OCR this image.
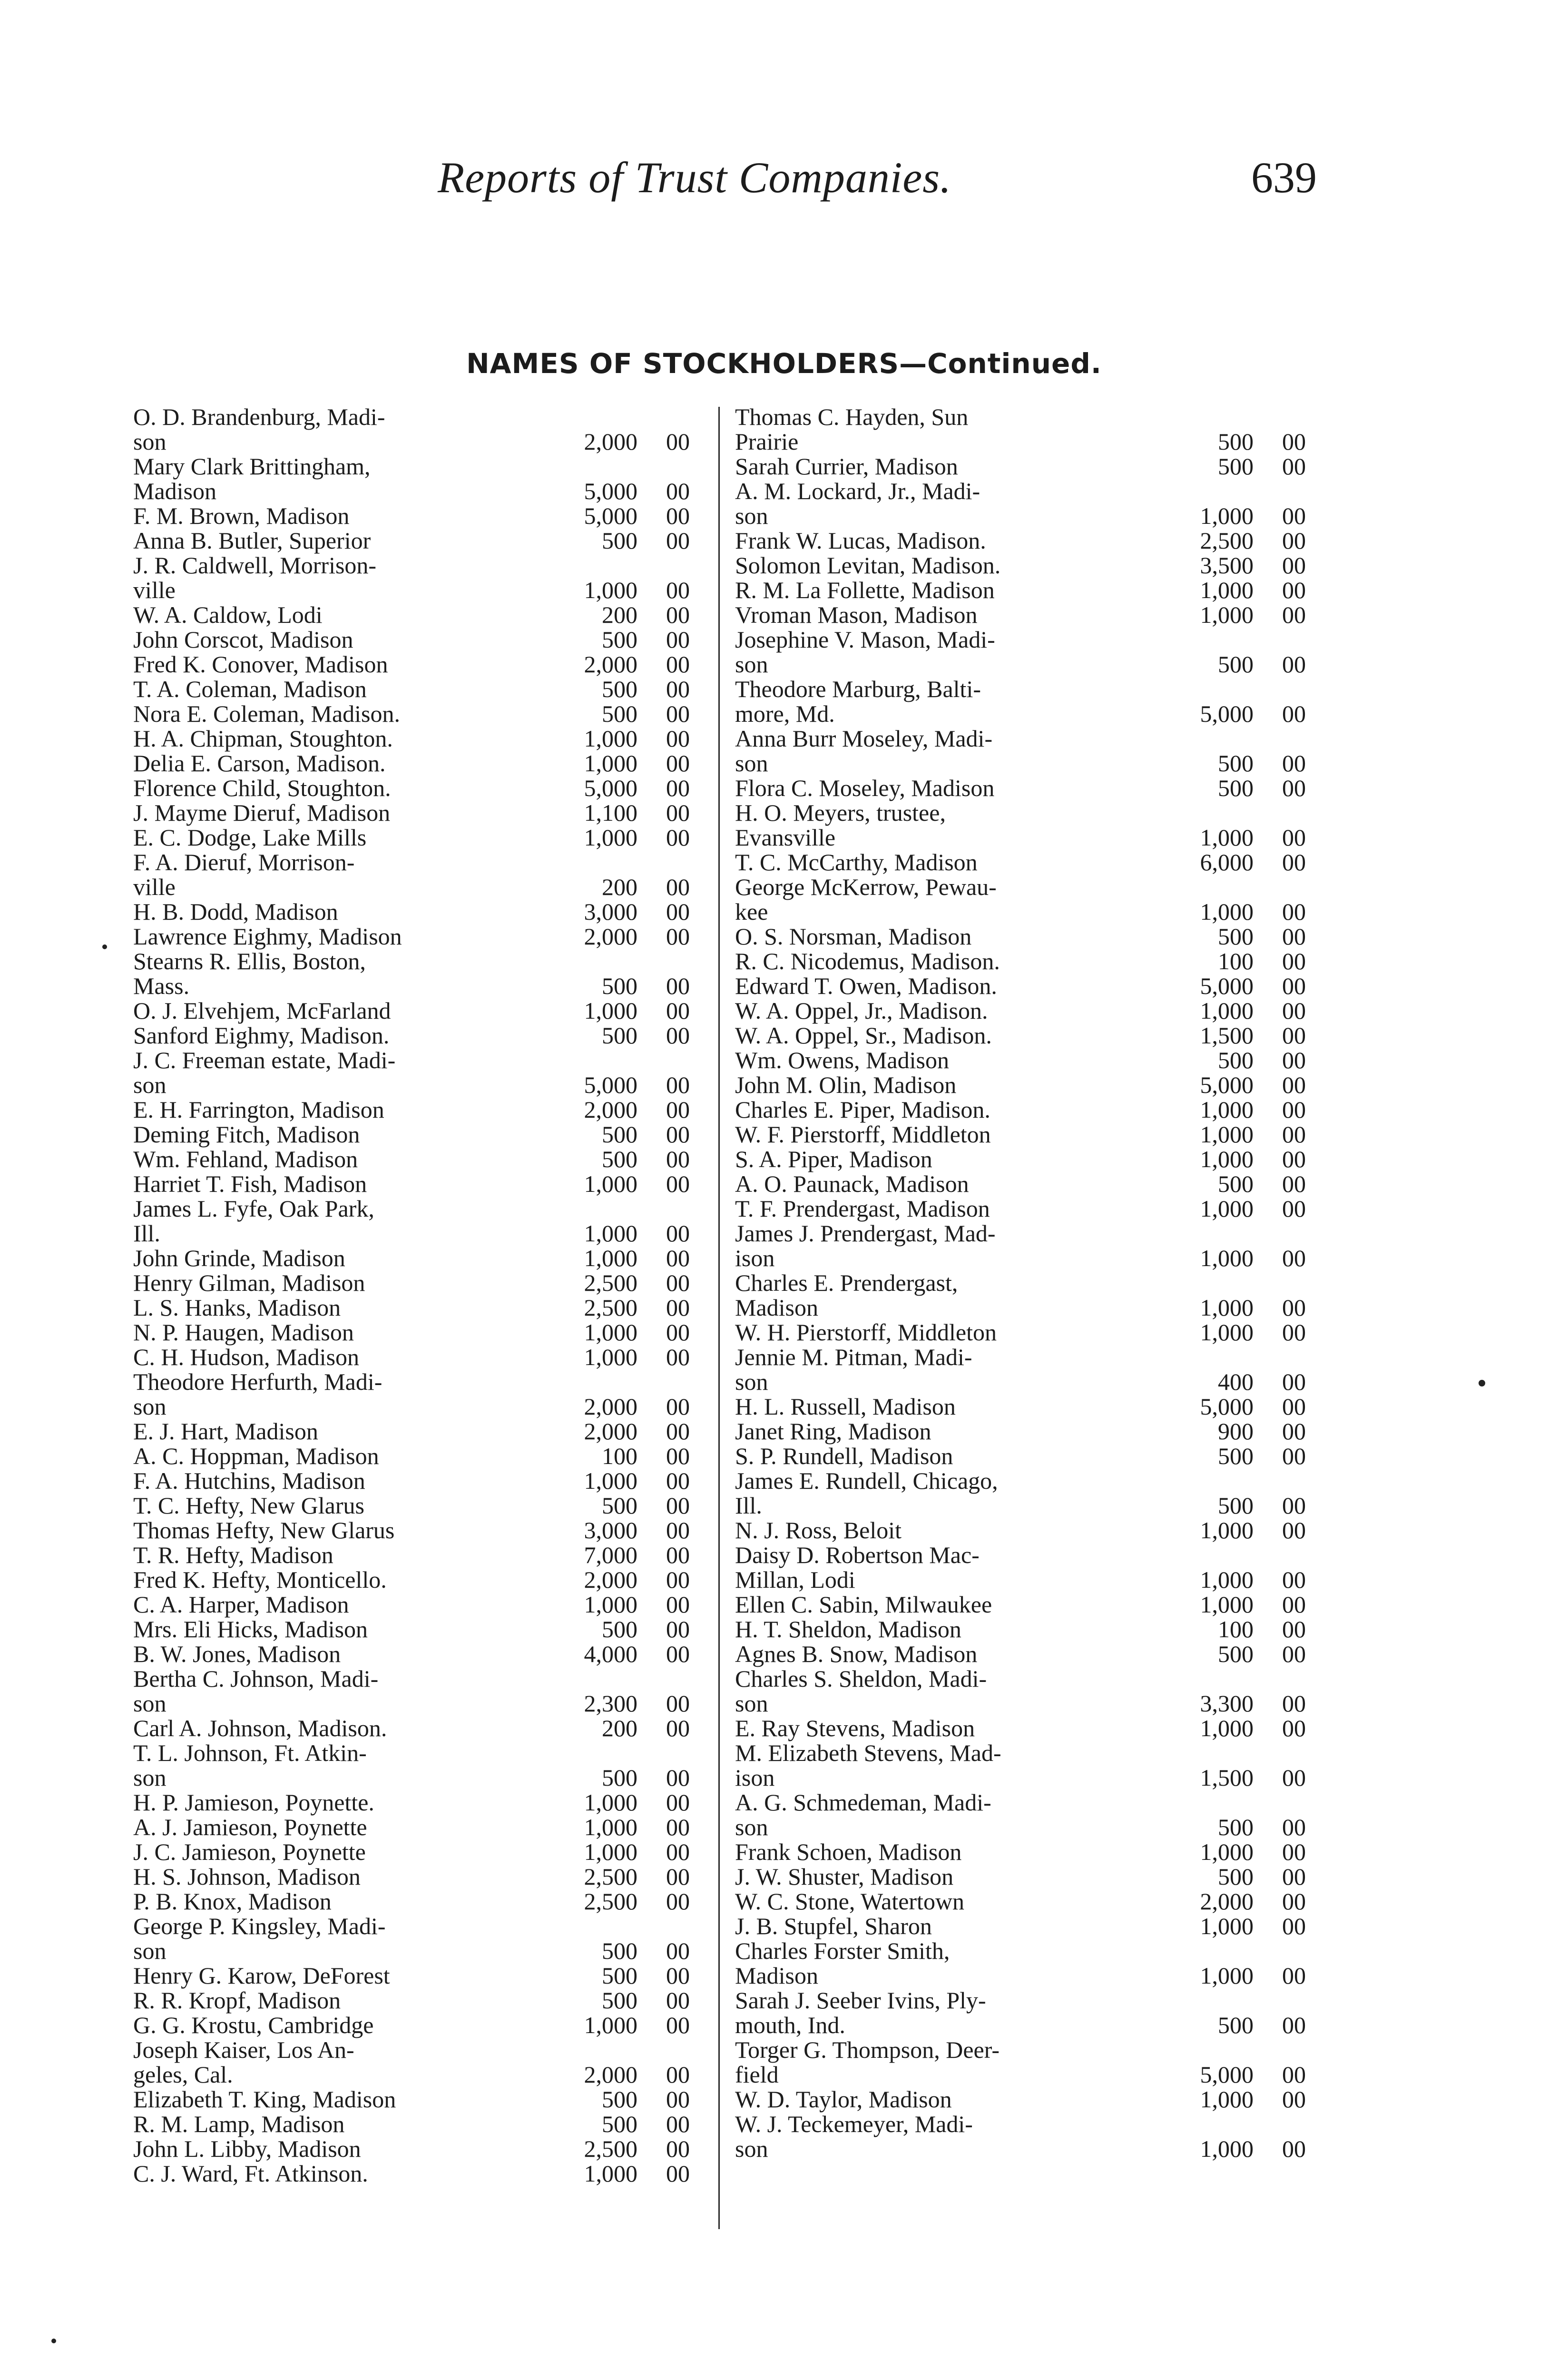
Reports of Trust Companies.	639
NAMES OF STOCKHOLDERS—Continued.
O. D. Brandenburg, Madi-
son	2,000	00
Mary Clark Brittingham,
Madison	5,000	00
F. M. Brown, Madison	5,000	00
Anna B. Butler, Superior	500	00
J. R. Caldwell, Morrison-
ville	1,000	00
W. A. Caldow, Lodi	200	00
John Corscot, Madison	500	00
Fred K. Conover, Madison	2,000	00
T. A. Coleman, Madison	500	00
Nora E. Coleman, Madison.	500	00
H. A. Chipman, Stoughton.	1,000	00
Delia E. Carson, Madison.	1,000	00
Florence Child, Stoughton.	5,000	00
J. Mayme Dieruf, Madison	1,100	00
E. C. Dodge, Lake Mills	1,000	00
F. A. Dieruf, Morrison-
ville	200	00
H. B. Dodd, Madison	3,000	00
Lawrence Eighmy, Madison	2,000	00
Stearns R. Ellis, Boston,
Mass.	500	00
O. J. Elvehjem, McFarland	1,000	00
Sanford Eighmy, Madison.	500	00
J. C. Freeman estate, Madi-
son	5,000	00
E. H. Farrington, Madison	2,000	00
Deming Fitch, Madison	500	00
Wm. Fehland, Madison	500	00
Harriet T. Fish, Madison	1,000	00
James L. Fyfe, Oak Park,
Ill.	1,000	00
John Grinde, Madison	1,000	00
Henry Gilman, Madison	2,500	00
L. S. Hanks, Madison	2,500	00
N. P. Haugen, Madison	1,000	00
C. H. Hudson, Madison	1,000	00
Theodore Herfurth, Madi-
son	2,000	00
E. J. Hart, Madison	2,000	00
A. C. Hoppman, Madison	100	00
F. A. Hutchins, Madison	1,000	00
T. C. Hefty, New Glarus	500	00
Thomas Hefty, New Glarus	3,000	00
T. R. Hefty, Madison	7,000	00
Fred K. Hefty, Monticello.	2,000	00
C. A. Harper, Madison	1,000	00
Mrs. Eli Hicks, Madison	500	00
B. W. Jones, Madison	4,000	00
Bertha C. Johnson, Madi-
son	2,300	00
Carl A. Johnson, Madison.	200	00
T. L. Johnson, Ft. Atkin-
son	500	00
H. P. Jamieson, Poynette.	1,000	00
A. J. Jamieson, Poynette	1,000	00
J. C. Jamieson, Poynette	1,000	00
H. S. Johnson, Madison	2,500	00
P. B. Knox, Madison	2,500	00
George P. Kingsley, Madi-
son	500	00
Henry G. Karow, DeForest	500	00
R. R. Kropf, Madison	500	00
G. G. Krostu, Cambridge	1,000	00
Joseph Kaiser, Los An-
geles, Cal.	2,000	00
Elizabeth T. King, Madison	500	00
R. M. Lamp, Madison	500	00
John L. Libby, Madison	2,500	00
C. J. Ward, Ft. Atkinson.	1,000	00
Thomas C. Hayden, Sun
Prairie	500	00
Sarah Currier, Madison	500	00
A. M. Lockard, Jr., Madi-
son	1,000	00
Frank W. Lucas, Madison.	2,500	00
Solomon Levitan, Madison.	3,500	00
R. M. La Follette, Madison	1,000	00
Vroman Mason, Madison	1,000	00
Josephine V. Mason, Madi-
son	500	00
Theodore Marburg, Balti-
more, Md.	5,000	00
Anna Burr Moseley, Madi-
son	500	00
Flora C. Moseley, Madison	500	00
H. O. Meyers, trustee,
Evansville	1,000	00
T. C. McCarthy, Madison	6,000	00
George McKerrow, Pewau-
kee	1,000	00
O. S. Norsman, Madison	500	00
R. C. Nicodemus, Madison.	100	00
Edward T. Owen, Madison.	5,000	00
W. A. Oppel, Jr., Madison.	1,000	00
W. A. Oppel, Sr., Madison.	1,500	00
Wm. Owens, Madison	500	00
John M. Olin, Madison	5,000	00
Charles E. Piper, Madison.	1,000	00
W. F. Pierstorff, Middleton	1,000	00
S. A. Piper, Madison	1,000	00
A. O. Paunack, Madison	500	00
T. F. Prendergast, Madison	1,000	00
James J. Prendergast, Mad-
ison	1,000	00
Charles E. Prendergast,
Madison	1,000	00
W. H. Pierstorff, Middleton	1,000	00
Jennie M. Pitman, Madi-
son	400	00
H. L. Russell, Madison	5,000	00
Janet Ring, Madison	900	00
S. P. Rundell, Madison	500	00
James E. Rundell, Chicago,
Ill.	500	00
N. J. Ross, Beloit	1,000	00
Daisy D. Robertson Mac-
Millan, Lodi	1,000	00
Ellen C. Sabin, Milwaukee	1,000	00
H. T. Sheldon, Madison	100	00
Agnes B. Snow, Madison	500	00
Charles S. Sheldon, Madi-
son	3,300	00
E. Ray Stevens, Madison	1,000	00
M. Elizabeth Stevens, Mad-
ison	1,500	00
A. G. Schmedeman, Madi-
son	500	00
Frank Schoen, Madison	1,000	00
J. W. Shuster, Madison	500	00
W. C. Stone, Watertown	2,000	00
J. B. Stupfel, Sharon	1,000	00
Charles Forster Smith,
Madison	1,000	00
Sarah J. Seeber Ivins, Ply-
mouth, Ind.	500	00
Torger G. Thompson, Deer-
field	5,000	00
W. D. Taylor, Madison	1,000	00
W. J. Teckemeyer, Madi-
son	1,000	00
